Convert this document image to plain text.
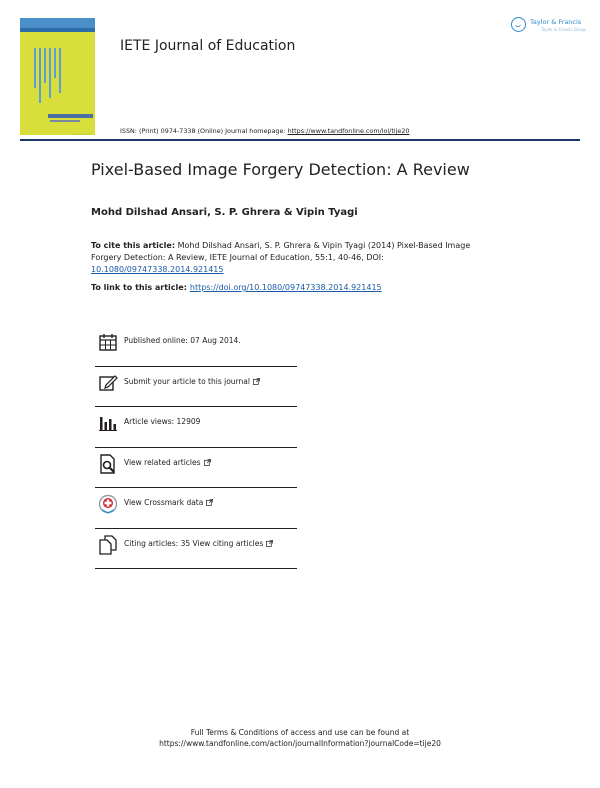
IETE Journal of Education
ISSN: (Print) 0974-7338 (Online) Journal homepage: https://www.tandfonline.com/loi/tije20
Taylor & Francis
Taylor & Francis Group
Pixel-Based Image Forgery Detection: A Review
Mohd Dilshad Ansari, S. P. Ghrera & Vipin Tyagi
To cite this article: Mohd Dilshad Ansari, S. P. Ghrera & Vipin Tyagi (2014) Pixel-Based Image Forgery Detection: A Review, IETE Journal of Education, 55:1, 40-46, DOI: 10.1080/09747338.2014.921415
To link to this article: https://doi.org/10.1080/09747338.2014.921415
Published online: 07 Aug 2014.
Submit your article to this journal
Article views: 12909
View related articles
View Crossmark data
Citing articles: 35 View citing articles
Full Terms & Conditions of access and use can be found at
https://www.tandfonline.com/action/journalInformation?journalCode=tije20
